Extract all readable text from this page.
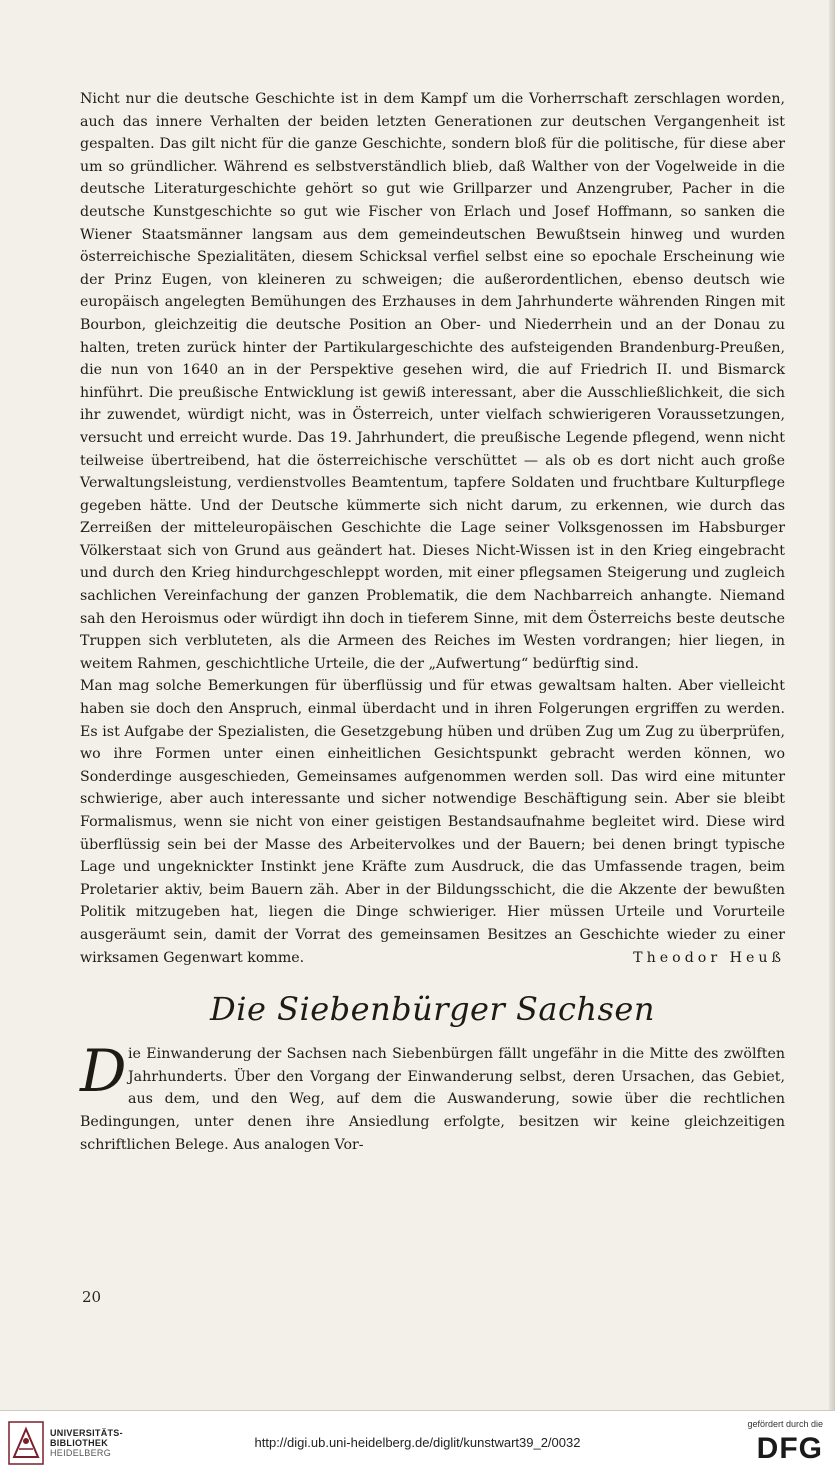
Nicht nur die deutsche Geschichte ist in dem Kampf um die Vorherrschaft zerschlagen worden, auch das innere Verhalten der beiden letzten Generationen zur deutschen Vergangenheit ist gespalten. Das gilt nicht für die ganze Geschichte, sondern bloß für die politische, für diese aber um so gründlicher. Während es selbstverständlich blieb, daß Walther von der Vogelweide in die deutsche Literaturgeschichte gehört so gut wie Grillparzer und Anzengruber, Pacher in die deutsche Kunstgeschichte so gut wie Fischer von Erlach und Josef Hoffmann, so sanken die Wiener Staatsmänner langsam aus dem gemeindeutschen Bewußtsein hinweg und wurden österreichische Spezialitäten, diesem Schicksal verfiel selbst eine so epochale Erscheinung wie der Prinz Eugen, von kleineren zu schweigen; die außerordentlichen, ebenso deutsch wie europäisch angelegten Bemühungen des Erzhauses in dem Jahrhunderte währenden Ringen mit Bourbon, gleichzeitig die deutsche Position an Ober- und Niederrhein und an der Donau zu halten, treten zurück hinter der Partikulargeschichte des aufsteigenden Brandenburg-Preußen, die nun von 1640 an in der Perspektive gesehen wird, die auf Friedrich II. und Bismarck hinführt. Die preußische Entwicklung ist gewiß interessant, aber die Ausschließlichkeit, die sich ihr zuwendet, würdigt nicht, was in Österreich, unter vielfach schwierigeren Voraussetzungen, versucht und erreicht wurde. Das 19. Jahrhundert, die preußische Legende pflegend, wenn nicht teilweise übertreibend, hat die österreichische verschüttet — als ob es dort nicht auch große Verwaltungsleistung, verdienstvolles Beamtentum, tapfere Soldaten und fruchtbare Kulturpflege gegeben hätte. Und der Deutsche kümmerte sich nicht darum, zu erkennen, wie durch das Zerreißen der mitteleuropäischen Geschichte die Lage seiner Volksgenossen im Habsburger Völkerstaat sich von Grund aus geändert hat. Dieses Nicht-Wissen ist in den Krieg eingebracht und durch den Krieg hindurchgeschleppt worden, mit einer pflegsamen Steigerung und zugleich sachlichen Vereinfachung der ganzen Problematik, die dem Nachbarreich anhangte. Niemand sah den Heroismus oder würdigt ihn doch in tieferem Sinne, mit dem Österreichs beste deutsche Truppen sich verbluteten, als die Armeen des Reiches im Westen vordrangen; hier liegen, in weitem Rahmen, geschichtliche Urteile, die der „Aufwertung“ bedürftig sind.

Man mag solche Bemerkungen für überflüssig und für etwas gewaltsam halten. Aber vielleicht haben sie doch den Anspruch, einmal überdacht und in ihren Folgerungen ergriffen zu werden. Es ist Aufgabe der Spezialisten, die Gesetzgebung hüben und drüben Zug um Zug zu überprüfen, wo ihre Formen unter einen einheitlichen Gesichtspunkt gebracht werden können, wo Sonderdinge ausgeschieden, Gemeinsames aufgenommen werden soll. Das wird eine mitunter schwierige, aber auch interessante und sicher notwendige Beschäftigung sein. Aber sie bleibt Formalismus, wenn sie nicht von einer geistigen Bestandsaufnahme begleitet wird. Diese wird überflüssig sein bei der Masse des Arbeitervolkes und der Bauern; bei denen bringt typische Lage und ungeknickter Instinkt jene Kräfte zum Ausdruck, die das Umfassende tragen, beim Proletarier aktiv, beim Bauern zäh. Aber in der Bildungsschicht, die die Akzente der bewußten Politik mitzugeben hat, liegen die Dinge schwieriger. Hier müssen Urteile und Vorurteile ausgeräumt sein, damit der Vorrat des gemeinsamen Besitzes an Geschichte wieder zu einer wirksamen Gegenwart komme.	Theodor Heuß
Die Siebenbürger Sachsen
D ie Einwanderung der Sachsen nach Siebenbürgen fällt ungefähr in die Mitte des zwölften Jahrhunderts. Über den Vorgang der Einwanderung selbst, deren Ursachen, das Gebiet, aus dem, und den Weg, auf dem die Auswanderung, sowie über die rechtlichen Bedingungen, unter denen ihre Ansiedlung erfolgte, besitzen wir keine gleichzeitigen schriftlichen Belege. Aus analogen Vor-

20
UNIVERSITÄTS-
BIBLIOTHEK
HEIDELBERG
http://digi.ub.uni-heidelberg.de/diglit/kunstwart39_2/0032
gefördert durch die
DFG
